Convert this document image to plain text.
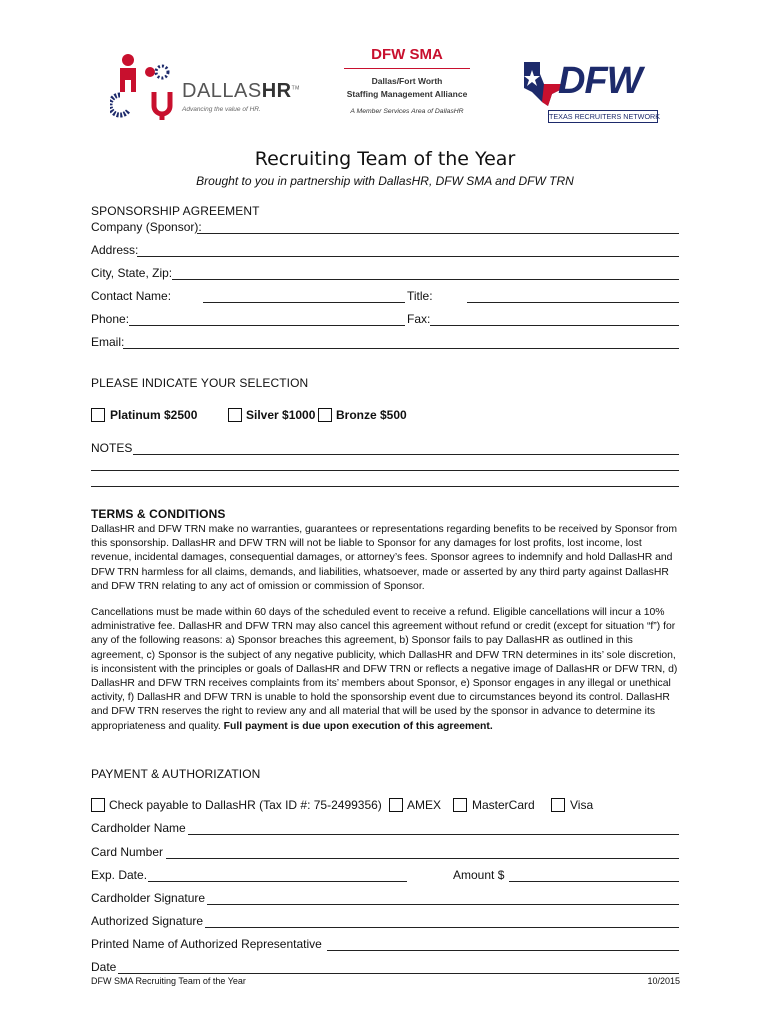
DALLASHR™
Advancing the value of HR.
DFW SMA
Dallas/Fort Worth
Staffing Management Alliance
A Member Services Area of DallasHR
DFW
TEXAS RECRUITERS NETWORK
Recruiting Team of the Year
Brought to you in partnership with DallasHR, DFW SMA and DFW TRN
SPONSORSHIP AGREEMENT
Company (Sponsor):
Address:
City, State, Zip:
Contact Name:	Title:
Phone:	Fax:
Email:
PLEASE INDICATE YOUR SELECTION
Platinum $2500	Silver $1000 Bronze $500
NOTES
TERMS & CONDITIONS
DallasHR and DFW TRN make no warranties, guarantees or representations regarding benefits to be received by Sponsor from this sponsorship. DallasHR and DFW TRN will not be liable to Sponsor for any damages for lost profits, lost income, lost revenue, incidental damages, consequential damages, or attorney’s fees. Sponsor agrees to indemnify and hold DallasHR and DFW TRN harmless for all claims, demands, and liabilities, whatsoever, made or asserted by any third party against DallasHR and DFW TRN relating to any act of omission or commission of Sponsor.
Cancellations must be made within 60 days of the scheduled event to receive a refund. Eligible cancellations will incur a 10% administrative fee. DallasHR and DFW TRN may also cancel this agreement without refund or credit (except for situation “f”) for any of the following reasons: a) Sponsor breaches this agreement, b) Sponsor fails to pay DallasHR as outlined in this agreement, c) Sponsor is the subject of any negative publicity, which DallasHR and DFW TRN determines in its’ sole discretion, is inconsistent with the principles or goals of DallasHR and DFW TRN or reflects a negative image of DallasHR or DFW TRN, d) DallasHR and DFW TRN receives complaints from its’ members about Sponsor, e) Sponsor engages in any illegal or unethical activity, f) DallasHR and DFW TRN is unable to hold the sponsorship event due to circumstances beyond its control. DallasHR and DFW TRN reserves the right to review any and all material that will be used by the sponsor in advance to determine its appropriateness and quality. Full payment is due upon execution of this agreement.
PAYMENT & AUTHORIZATION
Check payable to DallasHR (Tax ID #: 75-2499356) AMEX	MasterCard	Visa
Cardholder Name
Card Number
Exp. Date.	Amount $
Cardholder Signature
Authorized Signature
Printed Name of Authorized Representative
Date
DFW SMA Recruiting Team of the Year	10/2015
